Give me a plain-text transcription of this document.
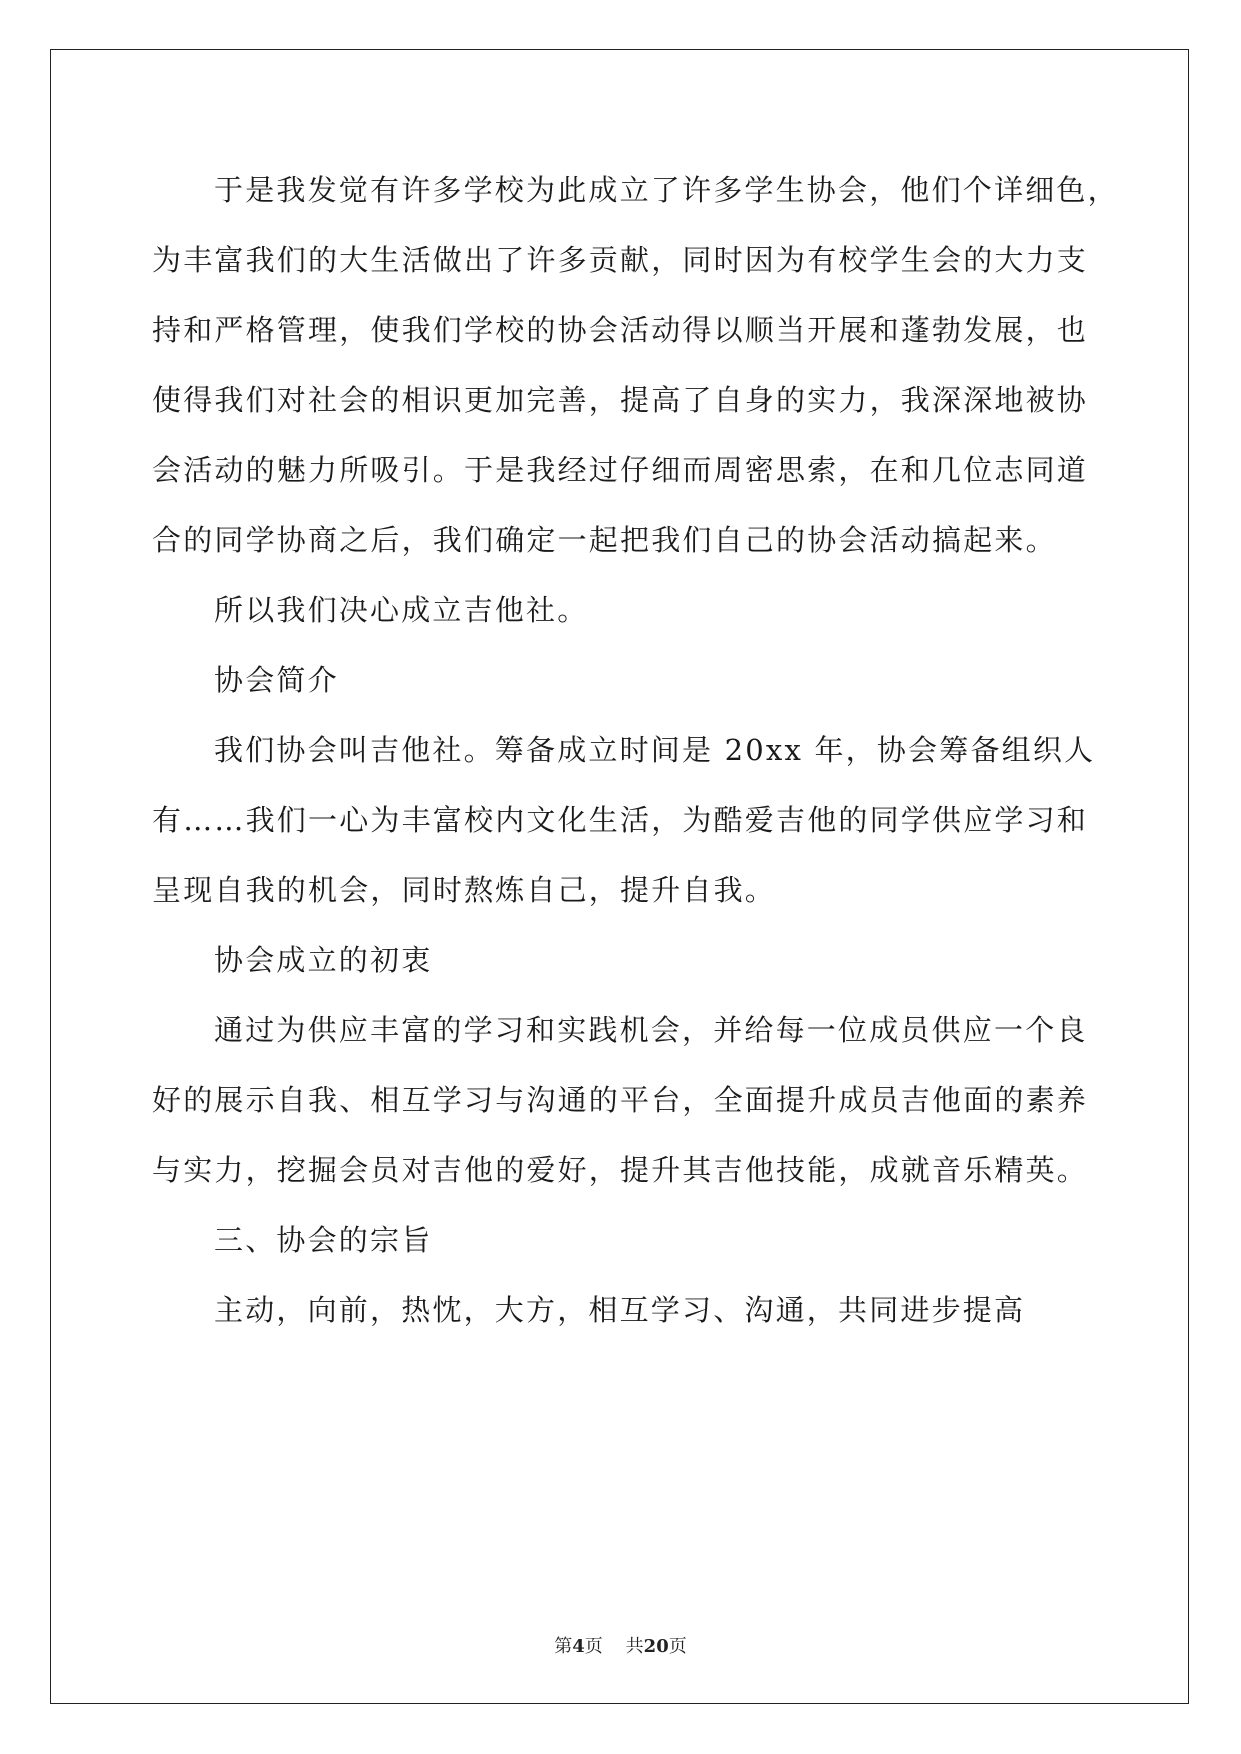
于是我发觉有许多学校为此成立了许多学生协会，他们个详细色，
为丰富我们的大生活做出了许多贡献，同时因为有校学生会的大力支
持和严格管理，使我们学校的协会活动得以顺当开展和蓬勃发展，也
使得我们对社会的相识更加完善，提高了自身的实力，我深深地被协
会活动的魅力所吸引。于是我经过仔细而周密思索，在和几位志同道
合的同学协商之后，我们确定一起把我们自己的协会活动搞起来。
所以我们决心成立吉他社。
协会简介
我们协会叫吉他社。筹备成立时间是 20xx 年，协会筹备组织人
有……我们一心为丰富校内文化生活，为酷爱吉他的同学供应学习和
呈现自我的机会，同时熬炼自己，提升自我。
协会成立的初衷
通过为供应丰富的学习和实践机会，并给每一位成员供应一个良
好的展示自我、相互学习与沟通的平台，全面提升成员吉他面的素养
与实力，挖掘会员对吉他的爱好，提升其吉他技能，成就音乐精英。
三、协会的宗旨
主动，向前，热忱，大方，相互学习、沟通，共同进步提高
第4页 共20页
